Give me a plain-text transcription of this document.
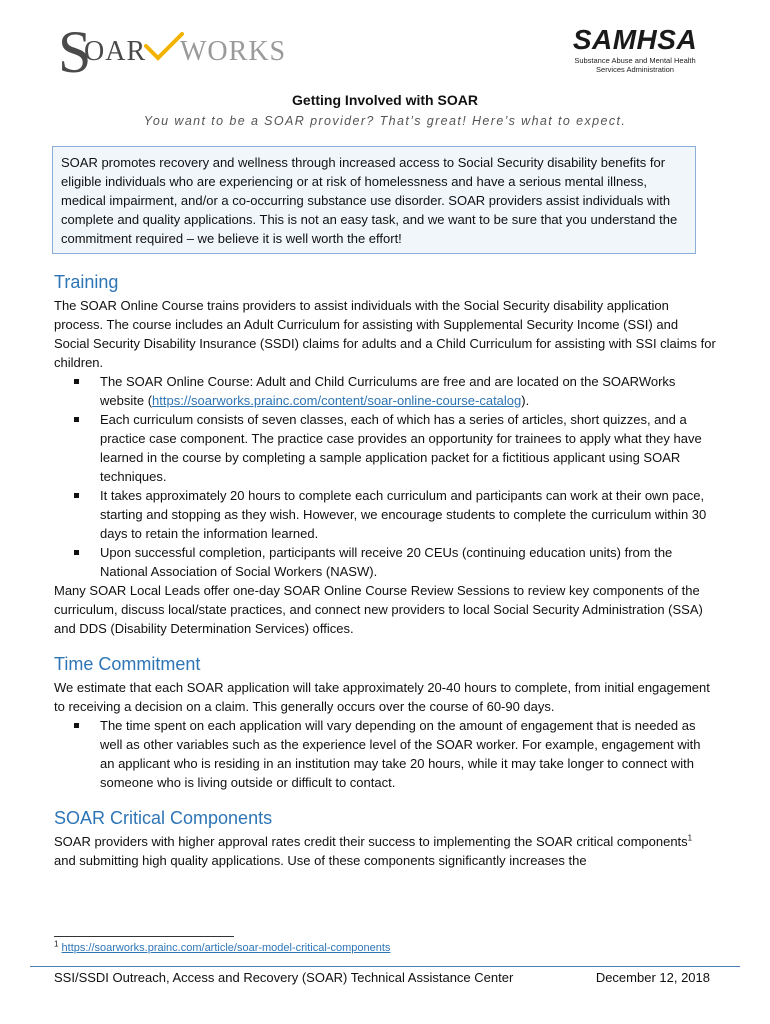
S
OAR WORKS	SAMHSA
Substance Abuse and Mental Health
Services Administration
Getting Involved with SOAR
You want to be a SOAR provider? That’s great! Here’s what to expect.

SOAR promotes recovery and wellness through increased access to Social Security disability benefits for eligible individuals who are experiencing or at risk of homelessness and have a serious mental illness, medical impairment, and/or a co-occurring substance use disorder. SOAR providers assist individuals with complete and quality applications. This is not an easy task, and we want to be sure that you understand the commitment required – we believe it is well worth the effort!

Training

The SOAR Online Course trains providers to assist individuals with the Social Security disability application process. The course includes an Adult Curriculum for assisting with Supplemental Security Income (SSI) and Social Security Disability Insurance (SSDI) claims for adults and a Child Curriculum for assisting with SSI claims for children.

The SOAR Online Course: Adult and Child Curriculums are free and are located on the SOARWorks website (https://soarworks.prainc.com/content/soar-online-course-catalog).
Each curriculum consists of seven classes, each of which has a series of articles, short quizzes, and a practice case component. The practice case provides an opportunity for trainees to apply what they have learned in the course by completing a sample application packet for a fictitious applicant using SOAR techniques.
It takes approximately 20 hours to complete each curriculum and participants can work at their own pace, starting and stopping as they wish. However, we encourage students to complete the curriculum within 30 days to retain the information learned.
Upon successful completion, participants will receive 20 CEUs (continuing education units) from the National Association of Social Workers (NASW).

Many SOAR Local Leads offer one-day SOAR Online Course Review Sessions to review key components of the curriculum, discuss local/state practices, and connect new providers to local Social Security Administration (SSA) and DDS (Disability Determination Services) offices.

Time Commitment

We estimate that each SOAR application will take approximately 20-40 hours to complete, from initial engagement to receiving a decision on a claim. This generally occurs over the course of 60-90 days.

The time spent on each application will vary depending on the amount of engagement that is needed as well as other variables such as the experience level of the SOAR worker. For example, engagement with an applicant who is residing in an institution may take 20 hours, while it may take longer to connect with someone who is living outside or difficult to contact.
SOAR Critical Components

SOAR providers with higher approval rates credit their success to implementing the SOAR critical components$^1$ and submitting high quality applications. Use of these components significantly increases the

$^1$ https://soarworks.prainc.com/article/soar-model-critical-components
SSI/SSDI Outreach, Access and Recovery (SOAR) Technical Assistance Center	December 12, 2018
